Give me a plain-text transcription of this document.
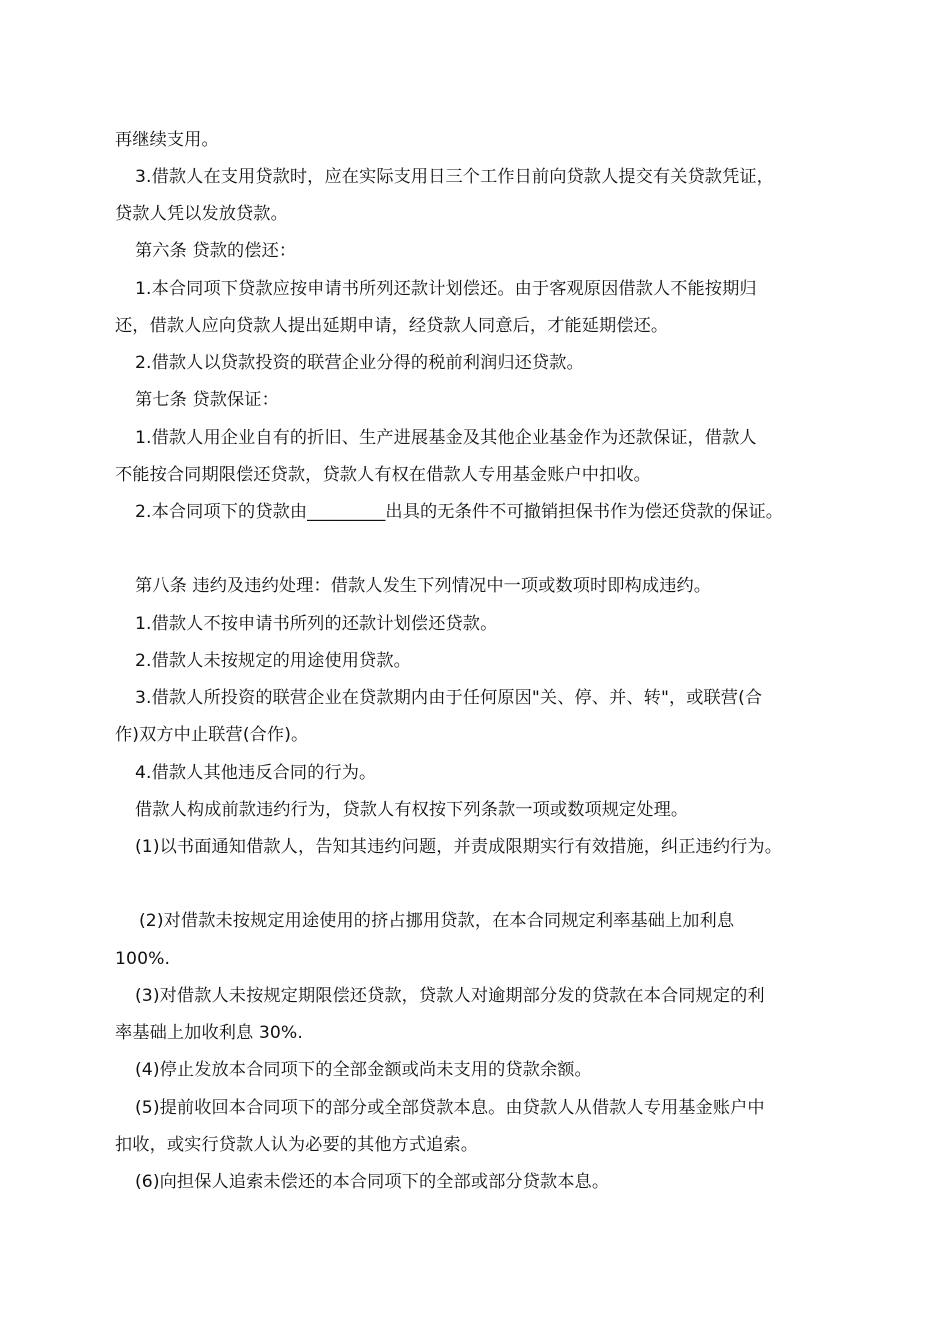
再继续支用。
3.借款人在支用贷款时，应在实际支用日三个工作日前向贷款人提交有关贷款凭证，
贷款人凭以发放贷款。
第六条 贷款的偿还：
1.本合同项下贷款应按申请书所列还款计划偿还。由于客观原因借款人不能按期归
还，借款人应向贷款人提出延期申请，经贷款人同意后，才能延期偿还。
2.借款人以贷款投资的联营企业分得的税前利润归还贷款。
第七条 贷款保证：
1.借款人用企业自有的折旧、生产进展基金及其他企业基金作为还款保证，借款人
不能按合同期限偿还贷款，贷款人有权在借款人专用基金账户中扣收。
2.本合同项下的贷款由_________出具的无条件不可撤销担保书作为偿还贷款的保证。
第八条 违约及违约处理：借款人发生下列情况中一项或数项时即构成违约。
1.借款人不按申请书所列的还款计划偿还贷款。
2.借款人未按规定的用途使用贷款。
3.借款人所投资的联营企业在贷款期内由于任何原因"关、停、并、转"，或联营(合
作)双方中止联营(合作)。
4.借款人其他违反合同的行为。
借款人构成前款违约行为，贷款人有权按下列条款一项或数项规定处理。
(1)以书面通知借款人，告知其违约问题，并责成限期实行有效措施，纠正违约行为。
(2)对借款未按规定用途使用的挤占挪用贷款，在本合同规定利率基础上加利息
100%.
(3)对借款人未按规定期限偿还贷款，贷款人对逾期部分发的贷款在本合同规定的利
率基础上加收利息 30%.
(4)停止发放本合同项下的全部金额或尚未支用的贷款余额。
(5)提前收回本合同项下的部分或全部贷款本息。由贷款人从借款人专用基金账户中
扣收，或实行贷款人认为必要的其他方式追索。
(6)向担保人追索未偿还的本合同项下的全部或部分贷款本息。
